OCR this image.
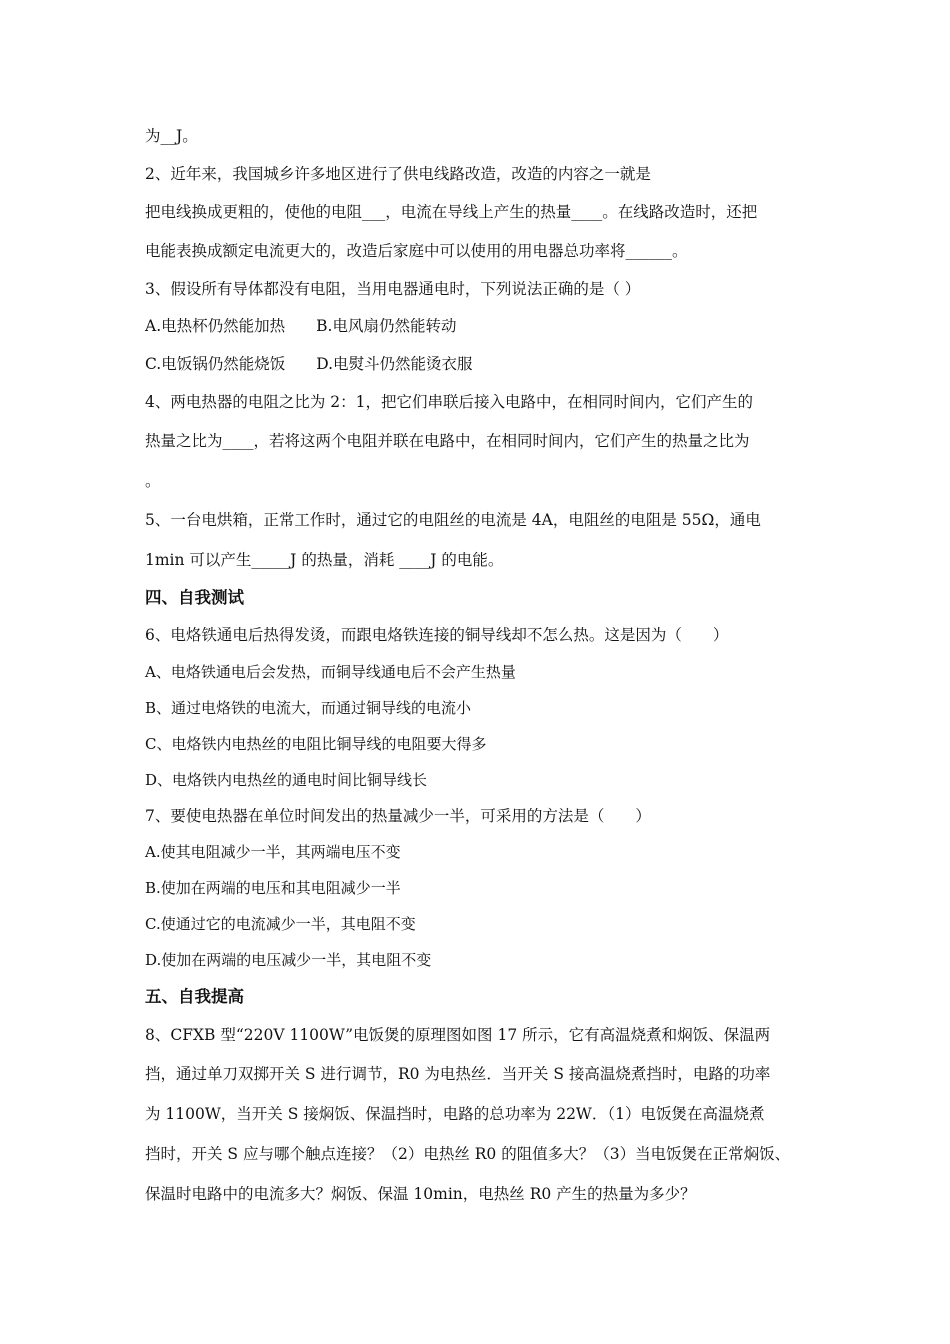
为__J。
2、近年来，我国城乡许多地区进行了供电线路改造，改造的内容之一就是
把电线换成更粗的，使他的电阻___，电流在导线上产生的热量____。在线路改造时，还把
电能表换成额定电流更大的，改造后家庭中可以使用的用电器总功率将______。
3、假设所有导体都没有电阻，当用电器通电时，下列说法正确的是（ ）
A.电热杯仍然能加热　　B.电风扇仍然能转动
C.电饭锅仍然能烧饭　　D.电熨斗仍然能烫衣服
4、两电热器的电阻之比为 2：1，把它们串联后接入电路中，在相同时间内，它们产生的
热量之比为____，若将这两个电阻并联在电路中，在相同时间内，它们产生的热量之比为
。
5、一台电烘箱，正常工作时，通过它的电阻丝的电流是 4A，电阻丝的电阻是 55Ω，通电
1min 可以产生_____J 的热量，消耗 ____J 的电能。
四、自我测试
6、电烙铁通电后热得发烫，而跟电烙铁连接的铜导线却不怎么热。这是因为（　　）
A、电烙铁通电后会发热，而铜导线通电后不会产生热量
B、通过电烙铁的电流大，而通过铜导线的电流小
C、电烙铁内电热丝的电阻比铜导线的电阻要大得多
D、电烙铁内电热丝的通电时间比铜导线长
7、要使电热器在单位时间发出的热量减少一半，可采用的方法是（　　）
A.使其电阻减少一半，其两端电压不变
B.使加在两端的电压和其电阻减少一半
C.使通过它的电流减少一半，其电阻不变
D.使加在两端的电压减少一半，其电阻不变
五、自我提高
8、CFXB 型“220V 1100W”电饭煲的原理图如图 17 所示，它有高温烧煮和焖饭、保温两
挡，通过单刀双掷开关 S 进行调节，R0 为电热丝．当开关 S 接高温烧煮挡时，电路的功率
为 1100W，当开关 S 接焖饭、保温挡时，电路的总功率为 22W．（1）电饭煲在高温烧煮
挡时，开关 S 应与哪个触点连接？（2）电热丝 R0 的阻值多大？（3）当电饭煲在正常焖饭、
保温时电路中的电流多大？焖饭、保温 10min，电热丝 R0 产生的热量为多少？
